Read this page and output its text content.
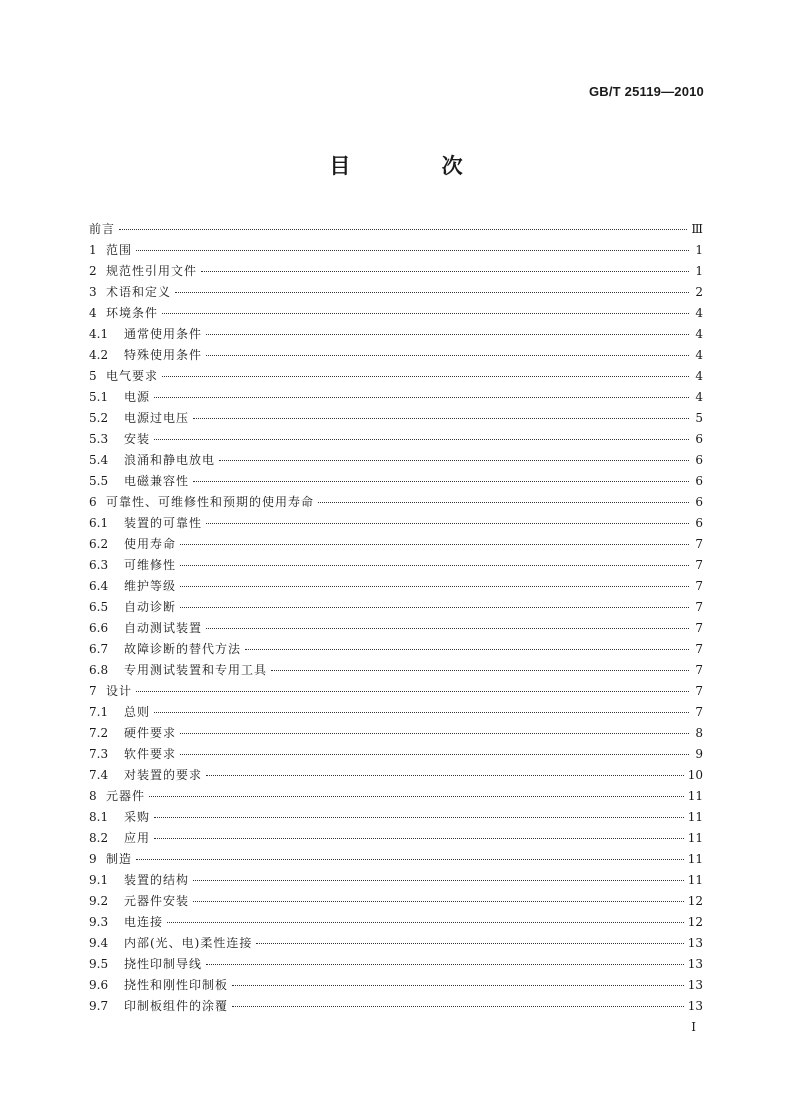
GB/T 25119—2010
目 次
前言	Ⅲ
1 范围	1
2 规范性引用文件	1
3 术语和定义	2
4 环境条件	4
4.1	通常使用条件	4
4.2	特殊使用条件	4
5 电气要求	4
5.1	电源	4
5.2	电源过电压	5
5.3	安装	6
5.4	浪涌和静电放电	6
5.5	电磁兼容性	6
6 可靠性、可维修性和预期的使用寿命	6
6.1	装置的可靠性	6
6.2	使用寿命	7
6.3	可维修性	7
6.4	维护等级	7
6.5	自动诊断	7
6.6	自动测试装置	7
6.7	故障诊断的替代方法	7
6.8	专用测试装置和专用工具	7
7 设计	7
7.1	总则	7
7.2	硬件要求	8
7.3	软件要求	9
7.4	对装置的要求	10
8 元器件	11
8.1	采购	11
8.2	应用	11
9 制造	11
9.1	装置的结构	11
9.2	元器件安装	12
9.3	电连接	12
9.4	内部(光、电)柔性连接	13
9.5	挠性印制导线	13
9.6	挠性和刚性印制板	13
9.7	印制板组件的涂覆	13
I
